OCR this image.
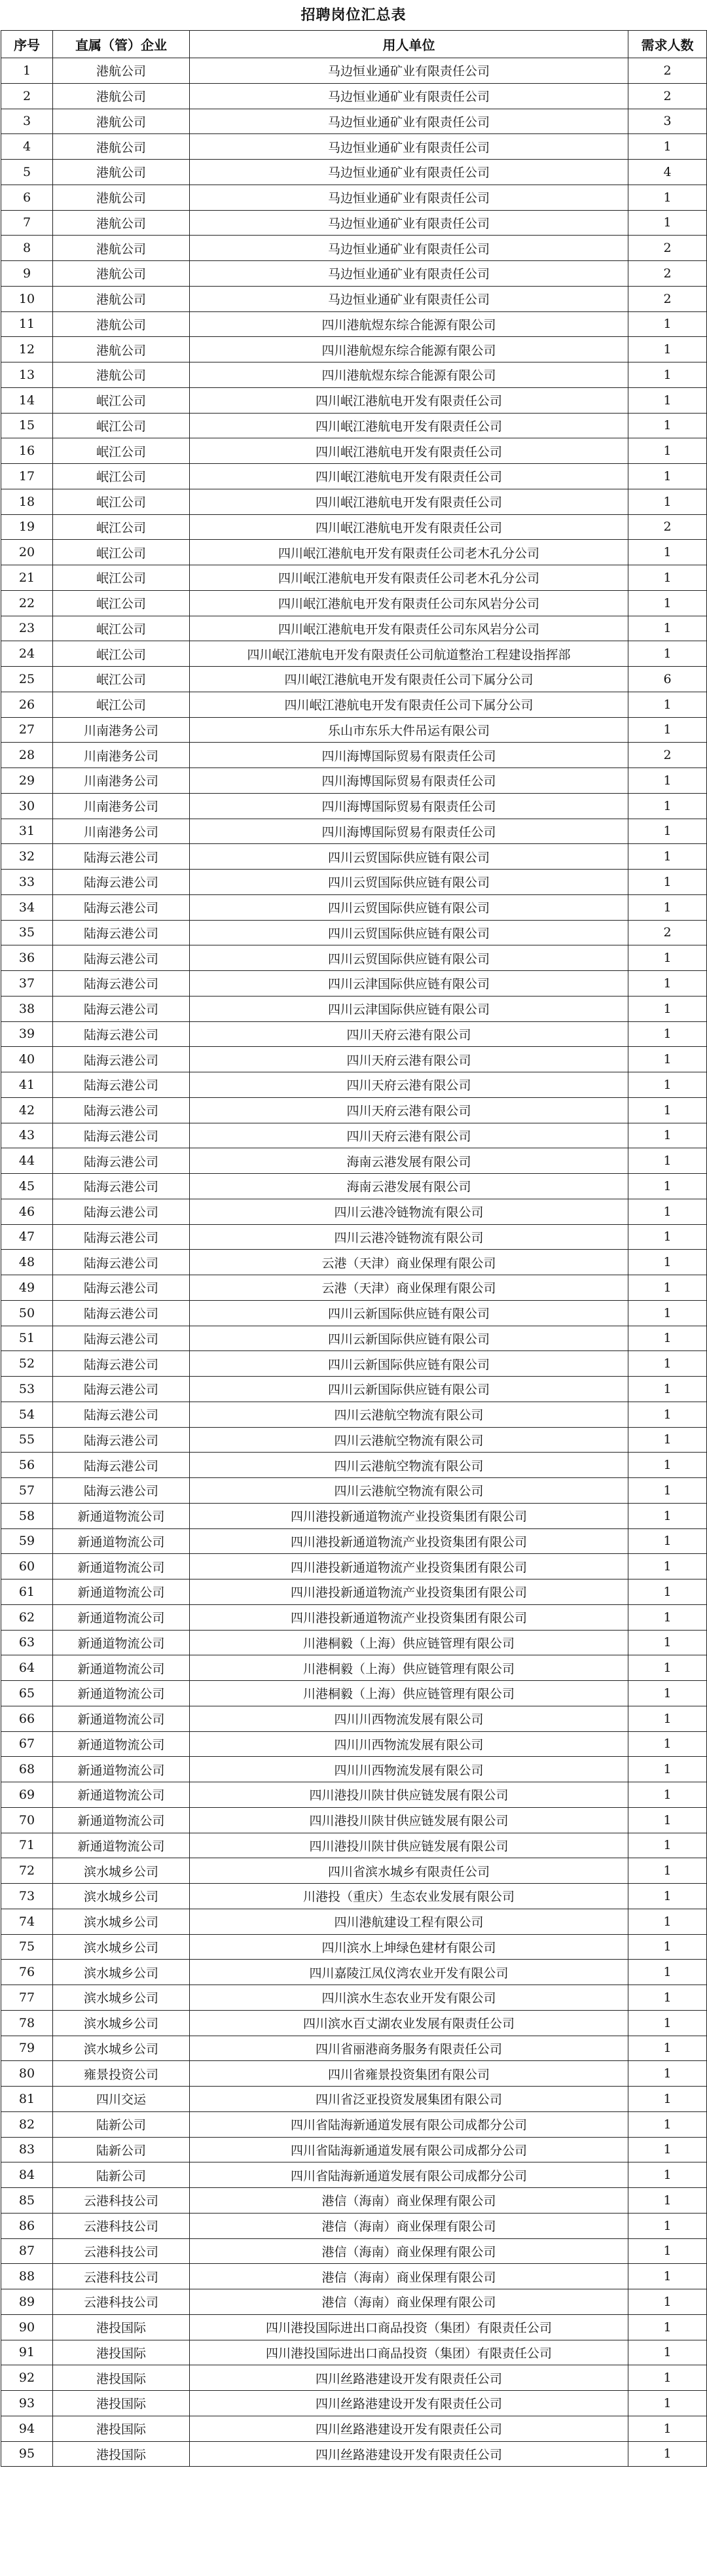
招聘岗位汇总表
序号	直属（管）企业	用人单位	需求人数
1	港航公司	马边恒业通矿业有限责任公司	2
2	港航公司	马边恒业通矿业有限责任公司	2
3	港航公司	马边恒业通矿业有限责任公司	3
4	港航公司	马边恒业通矿业有限责任公司	1
5	港航公司	马边恒业通矿业有限责任公司	4
6	港航公司	马边恒业通矿业有限责任公司	1
7	港航公司	马边恒业通矿业有限责任公司	1
8	港航公司	马边恒业通矿业有限责任公司	2
9	港航公司	马边恒业通矿业有限责任公司	2
10	港航公司	马边恒业通矿业有限责任公司	2
11	港航公司	四川港航煜东综合能源有限公司	1
12	港航公司	四川港航煜东综合能源有限公司	1
13	港航公司	四川港航煜东综合能源有限公司	1
14	岷江公司	四川岷江港航电开发有限责任公司	1
15	岷江公司	四川岷江港航电开发有限责任公司	1
16	岷江公司	四川岷江港航电开发有限责任公司	1
17	岷江公司	四川岷江港航电开发有限责任公司	1
18	岷江公司	四川岷江港航电开发有限责任公司	1
19	岷江公司	四川岷江港航电开发有限责任公司	2
20	岷江公司	四川岷江港航电开发有限责任公司老木孔分公司	1
21	岷江公司	四川岷江港航电开发有限责任公司老木孔分公司	1
22	岷江公司	四川岷江港航电开发有限责任公司东风岩分公司	1
23	岷江公司	四川岷江港航电开发有限责任公司东风岩分公司	1
24	岷江公司	四川岷江港航电开发有限责任公司航道整治工程建设指挥部	1
25	岷江公司	四川岷江港航电开发有限责任公司下属分公司	6
26	岷江公司	四川岷江港航电开发有限责任公司下属分公司	1
27	川南港务公司	乐山市东乐大件吊运有限公司	1
28	川南港务公司	四川海博国际贸易有限责任公司	2
29	川南港务公司	四川海博国际贸易有限责任公司	1
30	川南港务公司	四川海博国际贸易有限责任公司	1
31	川南港务公司	四川海博国际贸易有限责任公司	1
32	陆海云港公司	四川云贸国际供应链有限公司	1
33	陆海云港公司	四川云贸国际供应链有限公司	1
34	陆海云港公司	四川云贸国际供应链有限公司	1
35	陆海云港公司	四川云贸国际供应链有限公司	2
36	陆海云港公司	四川云贸国际供应链有限公司	1
37	陆海云港公司	四川云津国际供应链有限公司	1
38	陆海云港公司	四川云津国际供应链有限公司	1
39	陆海云港公司	四川天府云港有限公司	1
40	陆海云港公司	四川天府云港有限公司	1
41	陆海云港公司	四川天府云港有限公司	1
42	陆海云港公司	四川天府云港有限公司	1
43	陆海云港公司	四川天府云港有限公司	1
44	陆海云港公司	海南云港发展有限公司	1
45	陆海云港公司	海南云港发展有限公司	1
46	陆海云港公司	四川云港冷链物流有限公司	1
47	陆海云港公司	四川云港冷链物流有限公司	1
48	陆海云港公司	云港（天津）商业保理有限公司	1
49	陆海云港公司	云港（天津）商业保理有限公司	1
50	陆海云港公司	四川云新国际供应链有限公司	1
51	陆海云港公司	四川云新国际供应链有限公司	1
52	陆海云港公司	四川云新国际供应链有限公司	1
53	陆海云港公司	四川云新国际供应链有限公司	1
54	陆海云港公司	四川云港航空物流有限公司	1
55	陆海云港公司	四川云港航空物流有限公司	1
56	陆海云港公司	四川云港航空物流有限公司	1
57	陆海云港公司	四川云港航空物流有限公司	1
58	新通道物流公司	四川港投新通道物流产业投资集团有限公司	1
59	新通道物流公司	四川港投新通道物流产业投资集团有限公司	1
60	新通道物流公司	四川港投新通道物流产业投资集团有限公司	1
61	新通道物流公司	四川港投新通道物流产业投资集团有限公司	1
62	新通道物流公司	四川港投新通道物流产业投资集团有限公司	1
63	新通道物流公司	川港桐毅（上海）供应链管理有限公司	1
64	新通道物流公司	川港桐毅（上海）供应链管理有限公司	1
65	新通道物流公司	川港桐毅（上海）供应链管理有限公司	1
66	新通道物流公司	四川川西物流发展有限公司	1
67	新通道物流公司	四川川西物流发展有限公司	1
68	新通道物流公司	四川川西物流发展有限公司	1
69	新通道物流公司	四川港投川陕甘供应链发展有限公司	1
70	新通道物流公司	四川港投川陕甘供应链发展有限公司	1
71	新通道物流公司	四川港投川陕甘供应链发展有限公司	1
72	滨水城乡公司	四川省滨水城乡有限责任公司	1
73	滨水城乡公司	川港投（重庆）生态农业发展有限公司	1
74	滨水城乡公司	四川港航建设工程有限公司	1
75	滨水城乡公司	四川滨水上坤绿色建材有限公司	1
76	滨水城乡公司	四川嘉陵江凤仪湾农业开发有限公司	1
77	滨水城乡公司	四川滨水生态农业开发有限公司	1
78	滨水城乡公司	四川滨水百丈湖农业发展有限责任公司	1
79	滨水城乡公司	四川省丽港商务服务有限责任公司	1
80	雍景投资公司	四川省雍景投资集团有限公司	1
81	四川交运	四川省泛亚投资发展集团有限公司	1
82	陆新公司	四川省陆海新通道发展有限公司成都分公司	1
83	陆新公司	四川省陆海新通道发展有限公司成都分公司	1
84	陆新公司	四川省陆海新通道发展有限公司成都分公司	1
85	云港科技公司	港信（海南）商业保理有限公司	1
86	云港科技公司	港信（海南）商业保理有限公司	1
87	云港科技公司	港信（海南）商业保理有限公司	1
88	云港科技公司	港信（海南）商业保理有限公司	1
89	云港科技公司	港信（海南）商业保理有限公司	1
90	港投国际	四川港投国际进出口商品投资（集团）有限责任公司	1
91	港投国际	四川港投国际进出口商品投资（集团）有限责任公司	1
92	港投国际	四川丝路港建设开发有限责任公司	1
93	港投国际	四川丝路港建设开发有限责任公司	1
94	港投国际	四川丝路港建设开发有限责任公司	1
95	港投国际	四川丝路港建设开发有限责任公司	1
